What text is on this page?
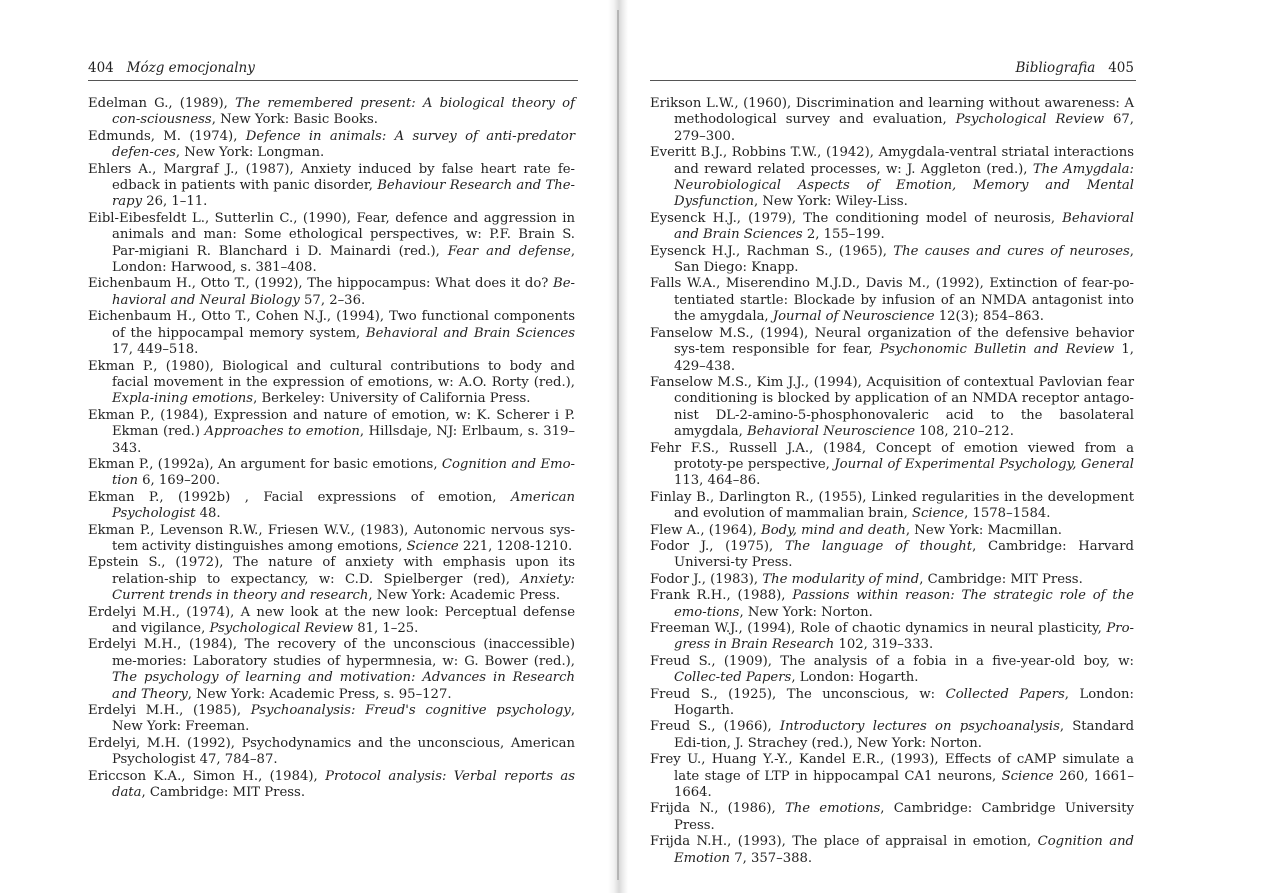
404 Mózg emocjonalny
Edelman G., (1989), The remembered present: A biological theory of con-sciousness, New York: Basic Books.
Edmunds, M. (1974), Defence in animals: A survey of anti-predator defen-ces, New York: Longman.
Ehlers A., Margraf J., (1987), Anxiety induced by false heart rate fe-edback in patients with panic disorder, Behaviour Research and The-rapy 26, 1–11.
Eibl-Eibesfeldt L., Sutterlin C., (1990), Fear, defence and aggression in animals and man: Some ethological perspectives, w: P.F. Brain S. Par-migiani R. Blanchard i D. Mainardi (red.), Fear and defense, London: Harwood, s. 381–408.
Eichenbaum H., Otto T., (1992), The hippocampus: What does it do? Be-havioral and Neural Biology 57, 2–36.
Eichenbaum H., Otto T., Cohen N.J., (1994), Two functional components of the hippocampal memory system, Behavioral and Brain Sciences 17, 449–518.
Ekman P., (1980), Biological and cultural contributions to body and facial movement in the expression of emotions, w: A.O. Rorty (red.), Expla-ining emotions, Berkeley: University of California Press.
Ekman P., (1984), Expression and nature of emotion, w: K. Scherer i P. Ekman (red.) Approaches to emotion, Hillsdaje, NJ: Erlbaum, s. 319–343.
Ekman P., (1992a), An argument for basic emotions, Cognition and Emo-tion 6, 169–200.
Ekman P., (1992b) , Facial expressions of emotion, American Psychologist 48.
Ekman P., Levenson R.W., Friesen W.V., (1983), Autonomic nervous sys-tem activity distinguishes among emotions, Science 221, 1208-1210.
Epstein S., (1972), The nature of anxiety with emphasis upon its relation-ship to expectancy, w: C.D. Spielberger (red), Anxiety: Current trends in theory and research, New York: Academic Press.
Erdelyi M.H., (1974), A new look at the new look: Perceptual defense and vigilance, Psychological Review 81, 1–25.
Erdelyi M.H., (1984), The recovery of the unconscious (inaccessible) me-mories: Laboratory studies of hypermnesia, w: G. Bower (red.), The psychology of learning and motivation: Advances in Research and Theory, New York: Academic Press, s. 95–127.
Erdelyi M.H., (1985), Psychoanalysis: Freud's cognitive psychology, New York: Freeman.
Erdelyi, M.H. (1992), Psychodynamics and the unconscious, American Psychologist 47, 784–87.
Ericcson K.A., Simon H., (1984), Protocol analysis: Verbal reports as data, Cambridge: MIT Press.
Bibliografia 405
Erikson L.W., (1960), Discrimination and learning without awareness: A methodological survey and evaluation, Psychological Review 67, 279–300.
Everitt B.J., Robbins T.W., (1942), Amygdala-ventral striatal interactions and reward related processes, w: J. Aggleton (red.), The Amygdala: Neurobiological Aspects of Emotion, Memory and Mental Dysfunction, New York: Wiley-Liss.
Eysenck H.J., (1979), The conditioning model of neurosis, Behavioral and Brain Sciences 2, 155–199.
Eysenck H.J., Rachman S., (1965), The causes and cures of neuroses, San Diego: Knapp.
Falls W.A., Miserendino M.J.D., Davis M., (1992), Extinction of fear-po-tentiated startle: Blockade by infusion of an NMDA antagonist into the amygdala, Journal of Neuroscience 12(3); 854–863.
Fanselow M.S., (1994), Neural organization of the defensive behavior sys-tem responsible for fear, Psychonomic Bulletin and Review 1, 429–438.
Fanselow M.S., Kim J.J., (1994), Acquisition of contextual Pavlovian fear conditioning is blocked by application of an NMDA receptor antago-nist DL-2-amino-5-phosphonovaleric acid to the basolateral amygdala, Behavioral Neuroscience 108, 210–212.
Fehr F.S., Russell J.A., (1984, Concept of emotion viewed from a prototy-pe perspective, Journal of Experimental Psychology, General 113, 464–86.
Finlay B., Darlington R., (1955), Linked regularities in the development and evolution of mammalian brain, Science, 1578–1584.
Flew A., (1964), Body, mind and death, New York: Macmillan.
Fodor J., (1975), The language of thought, Cambridge: Harvard Universi-ty Press.
Fodor J., (1983), The modularity of mind, Cambridge: MIT Press.
Frank R.H., (1988), Passions within reason: The strategic role of the emo-tions, New York: Norton.
Freeman W.J., (1994), Role of chaotic dynamics in neural plasticity, Pro-gress in Brain Research 102, 319–333.
Freud S., (1909), The analysis of a fobia in a five-year-old boy, w: Collec-ted Papers, London: Hogarth.
Freud S., (1925), The unconscious, w: Collected Papers, London: Hogarth.
Freud S., (1966), Introductory lectures on psychoanalysis, Standard Edi-tion, J. Strachey (red.), New York: Norton.
Frey U., Huang Y.-Y., Kandel E.R., (1993), Effects of cAMP simulate a late stage of LTP in hippocampal CA1 neurons, Science 260, 1661–1664.
Frijda N., (1986), The emotions, Cambridge: Cambridge University Press.
Frijda N.H., (1993), The place of appraisal in emotion, Cognition and Emotion 7, 357–388.
